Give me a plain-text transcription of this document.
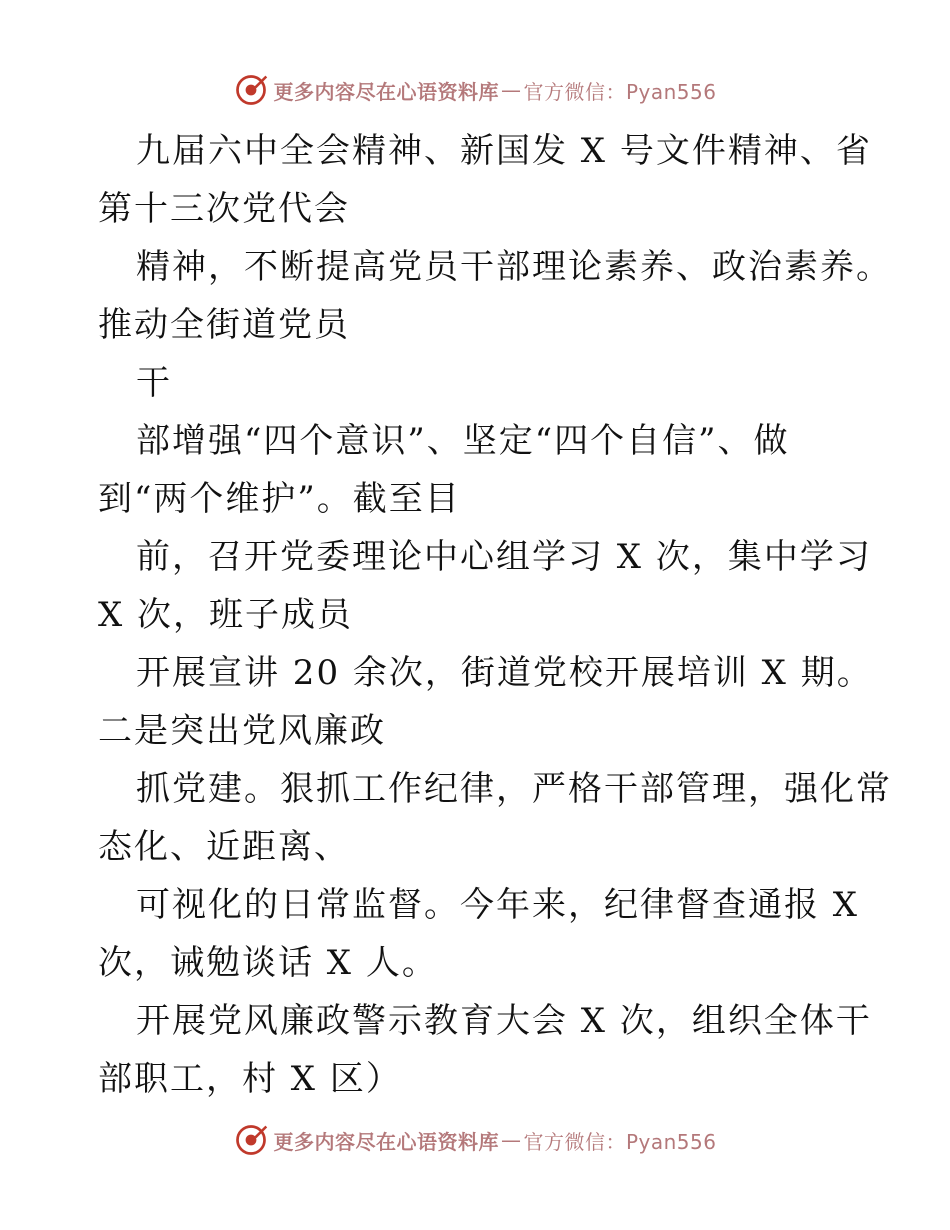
更多内容尽在心语资料库 — 官方微信：Pyan556
九届六中全会精神、新国发 X 号文件精神、省
第十三次党代会
精神，不断提高党员干部理论素养、政治素养。
推动全街道党员
干
部增强“四个意识”、坚定“四个自信”、做
到“两个维护”。截至目
前，召开党委理论中心组学习 X 次，集中学习
X 次，班子成员
开展宣讲 20 余次，街道党校开展培训 X 期。
二是突出党风廉政
抓党建。狠抓工作纪律，严格干部管理，强化常
态化、近距离、
可视化的日常监督。今年来，纪律督查通报 X
次，诫勉谈话 X 人。
开展党风廉政警示教育大会 X 次，组织全体干
部职工，村 X 区）
更多内容尽在心语资料库 — 官方微信：Pyan556
